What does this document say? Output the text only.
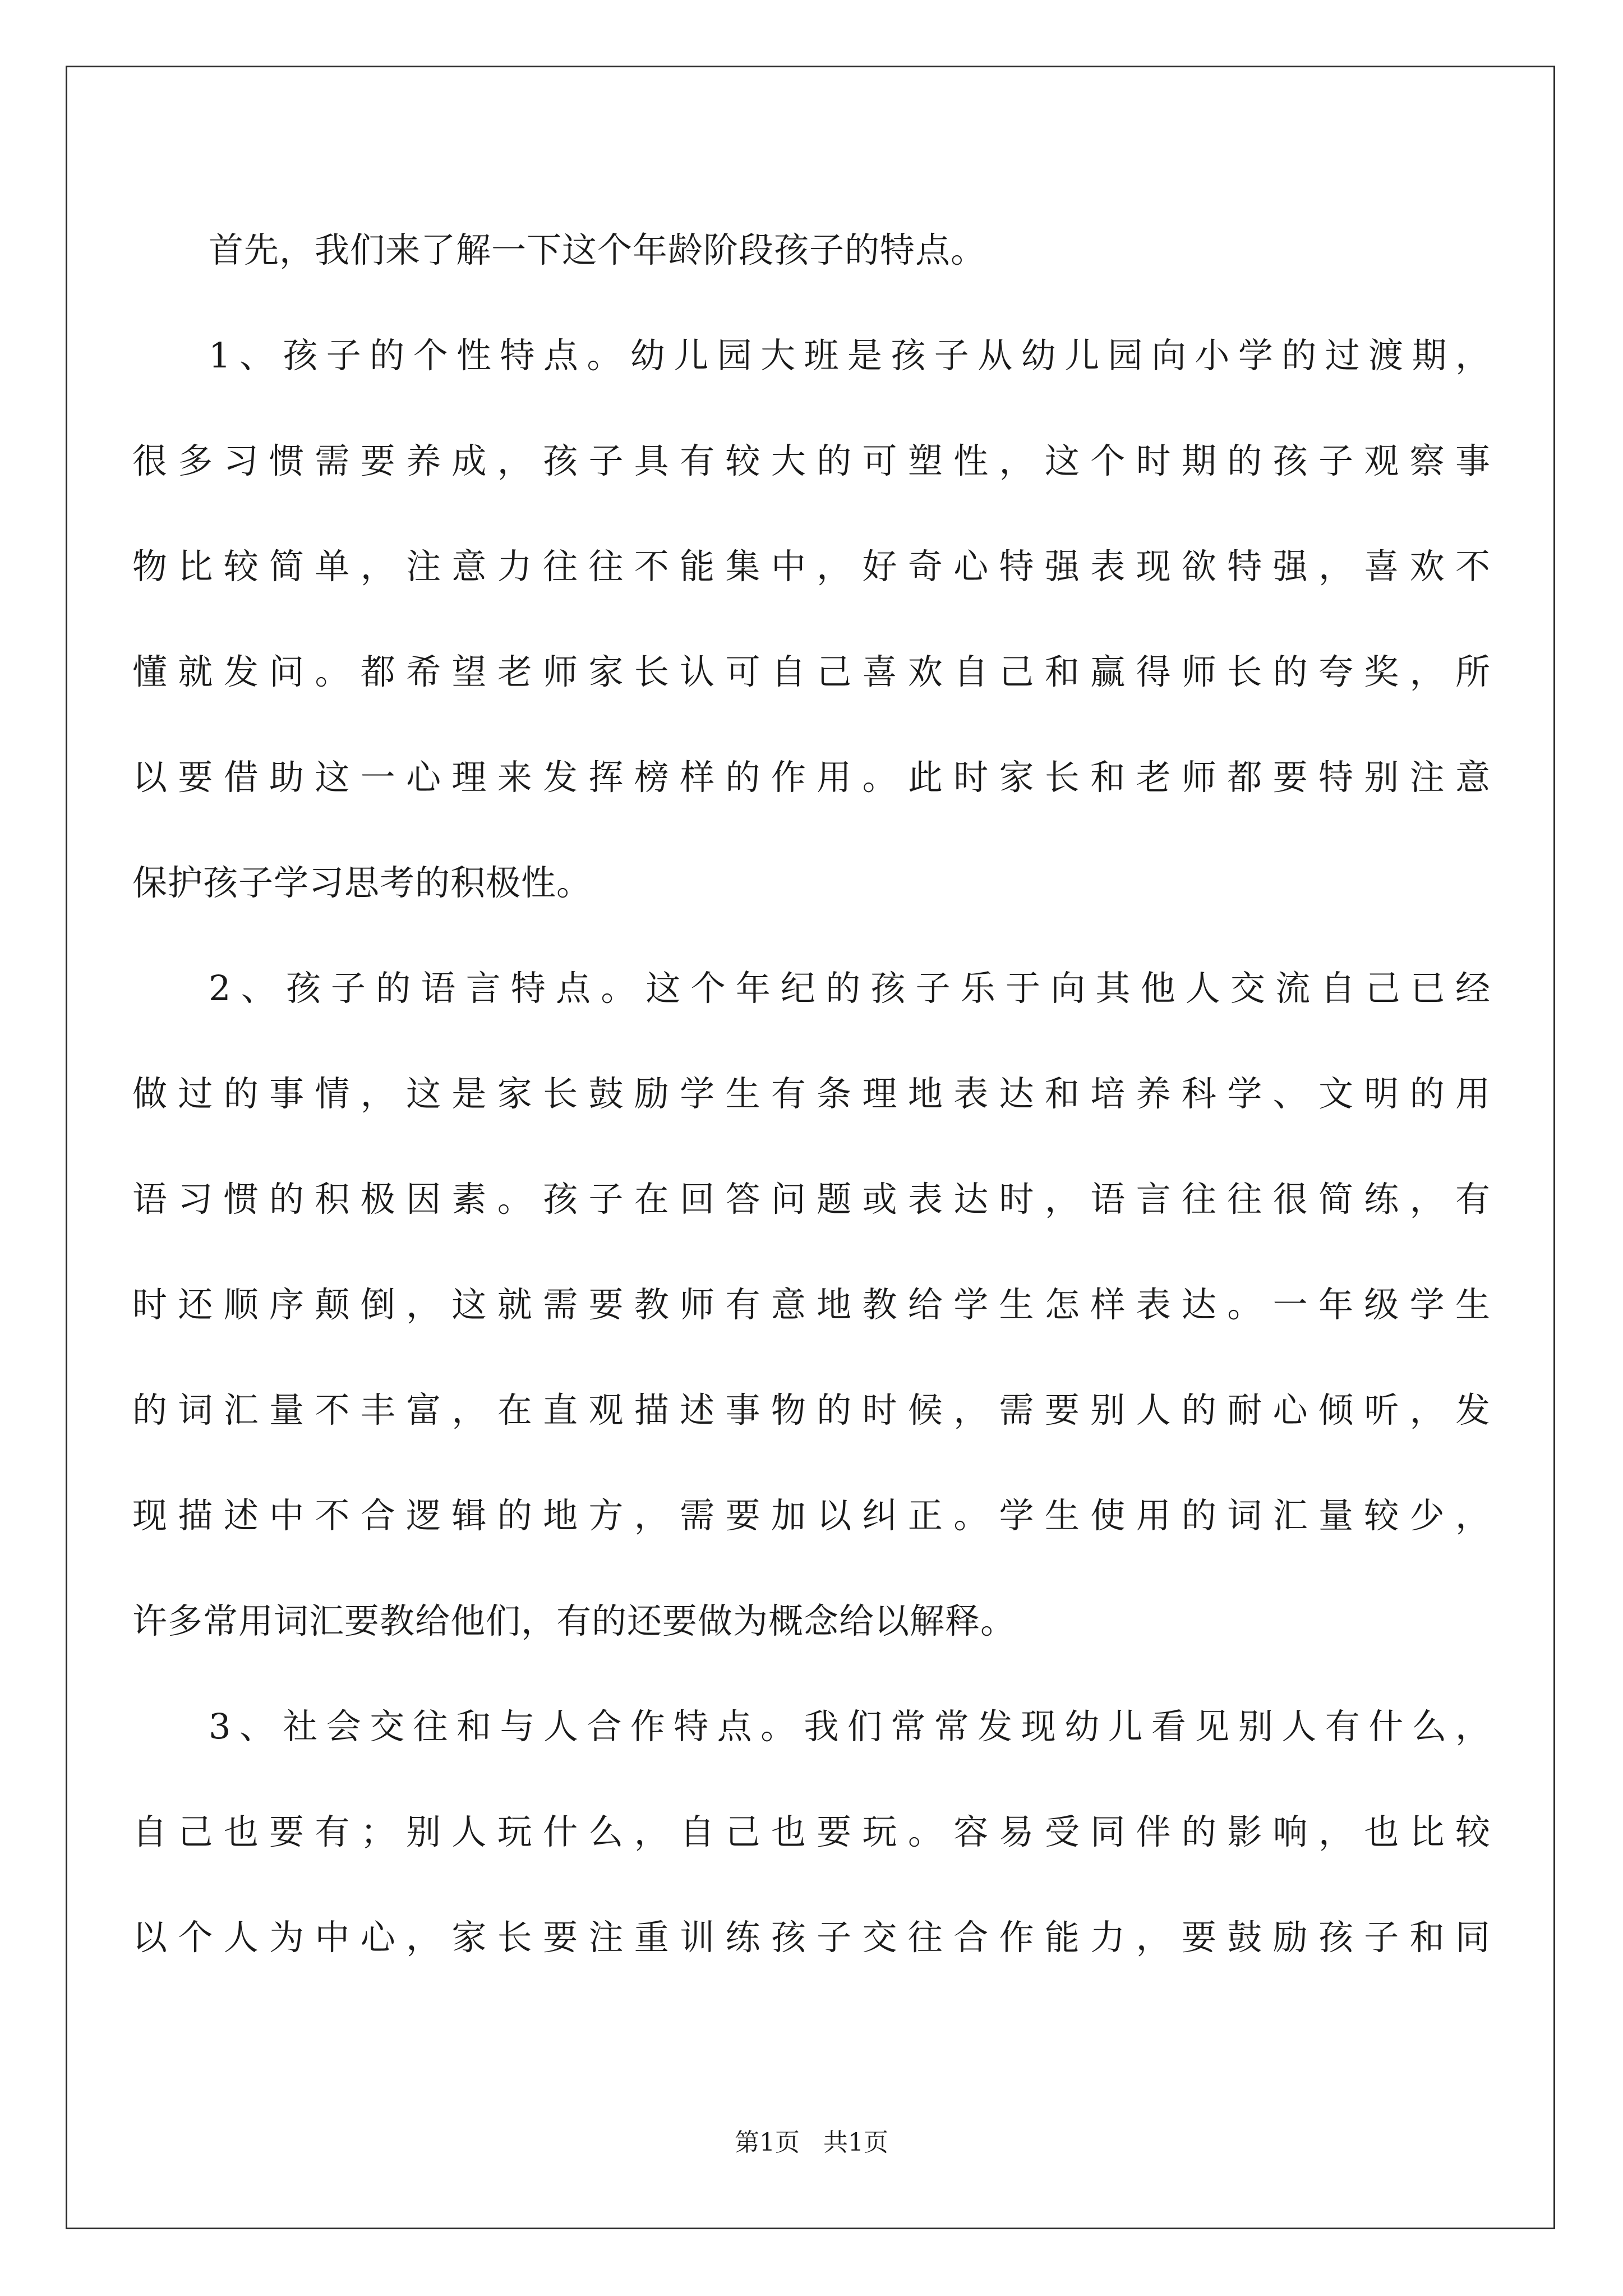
首先，我们来了解一下这个年龄阶段孩子的特点。
1、孩子的个性特点。幼儿园大班是孩子从幼儿园向小学的过渡期，
很多习惯需要养成，孩子具有较大的可塑性，这个时期的孩子观察事
物比较简单，注意力往往不能集中，好奇心特强表现欲特强，喜欢不
懂就发问。都希望老师家长认可自己喜欢自己和赢得师长的夸奖，所
以要借助这一心理来发挥榜样的作用。此时家长和老师都要特别注意
保护孩子学习思考的积极性。
2、孩子的语言特点。这个年纪的孩子乐于向其他人交流自己已经
做过的事情，这是家长鼓励学生有条理地表达和培养科学、文明的用
语习惯的积极因素。孩子在回答问题或表达时，语言往往很简练，有
时还顺序颠倒，这就需要教师有意地教给学生怎样表达。一年级学生
的词汇量不丰富，在直观描述事物的时候，需要别人的耐心倾听，发
现描述中不合逻辑的地方，需要加以纠正。学生使用的词汇量较少，
许多常用词汇要教给他们，有的还要做为概念给以解释。
3、社会交往和与人合作特点。我们常常发现幼儿看见别人有什么，
自己也要有；别人玩什么，自己也要玩。容易受同伴的影响，也比较
以个人为中心，家长要注重训练孩子交往合作能力，要鼓励孩子和同
第1页   共1页
